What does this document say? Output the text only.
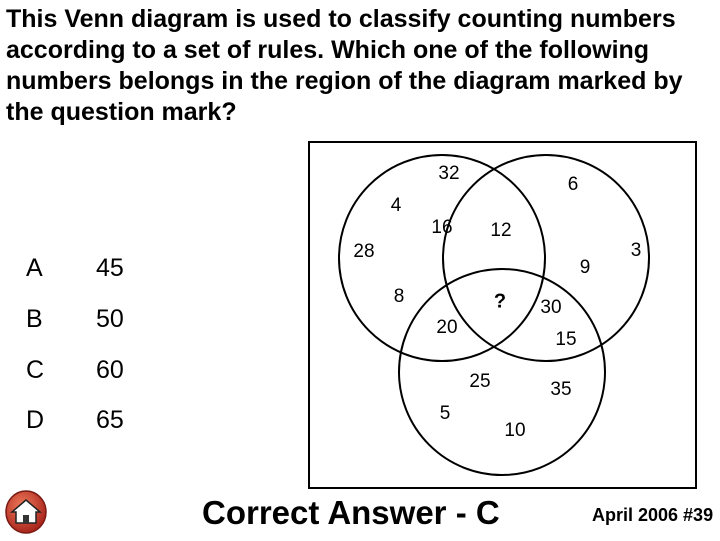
This Venn diagram is used to classify counting numbers according to a set of rules. Which one of the following numbers belongs in the region of the diagram marked by the question mark?
A 45
B 50
C 60
D 65
32
6
4
16 12
28	3
9
8	? 30
20
15
25	35
5
10
Correct Answer - C	April 2006 #39
